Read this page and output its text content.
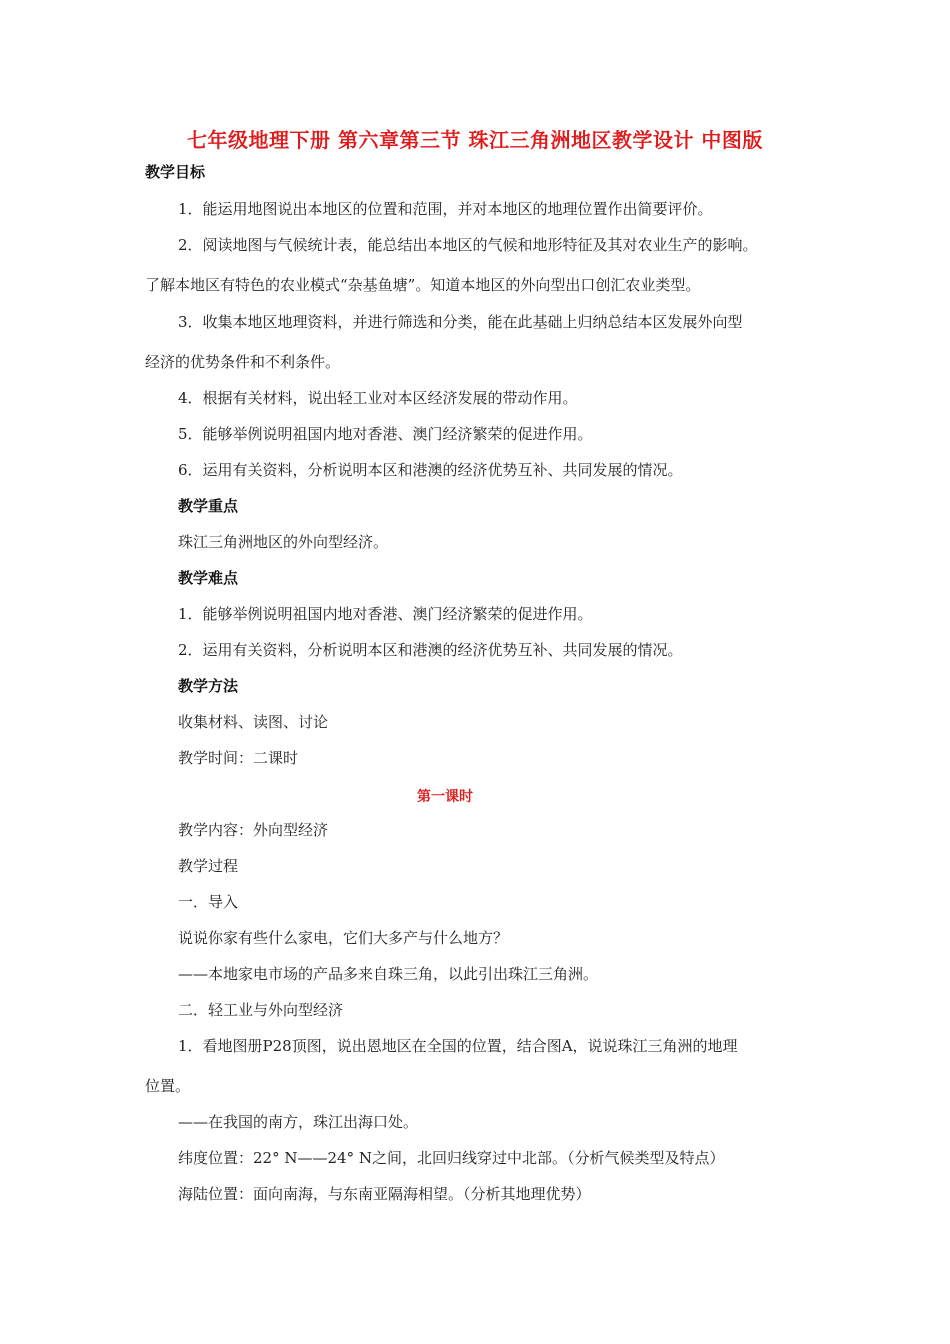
七年级地理下册 第六章第三节 珠江三角洲地区教学设计 中图版
教学目标
1．能运用地图说出本地区的位置和范围，并对本地区的地理位置作出简要评价。
2．阅读地图与气候统计表，能总结出本地区的气候和地形特征及其对农业生产的影响。
了解本地区有特色的农业模式“杂基鱼塘”。知道本地区的外向型出口创汇农业类型。
3．收集本地区地理资料，并进行筛选和分类，能在此基础上归纳总结本区发展外向型
经济的优势条件和不利条件。
4．根据有关材料，说出轻工业对本区经济发展的带动作用。
5．能够举例说明祖国内地对香港、澳门经济繁荣的促进作用。
6．运用有关资料，分析说明本区和港澳的经济优势互补、共同发展的情况。
教学重点
珠江三角洲地区的外向型经济。
教学难点
1．能够举例说明祖国内地对香港、澳门经济繁荣的促进作用。
2．运用有关资料，分析说明本区和港澳的经济优势互补、共同发展的情况。
教学方法
收集材料、读图、讨论
教学时间：二课时
第一课时
教学内容：外向型经济
教学过程
一．导入
说说你家有些什么家电，它们大多产与什么地方？
——本地家电市场的产品多来自珠三角，以此引出珠江三角洲。
二．轻工业与外向型经济
1．看地图册P28顶图，说出恩地区在全国的位置，结合图A，说说珠江三角洲的地理
位置。
——在我国的南方，珠江出海口处。
纬度位置：22° N——24° N之间，北回归线穿过中北部。（分析气候类型及特点）
海陆位置：面向南海，与东南亚隔海相望。（分析其地理优势）
